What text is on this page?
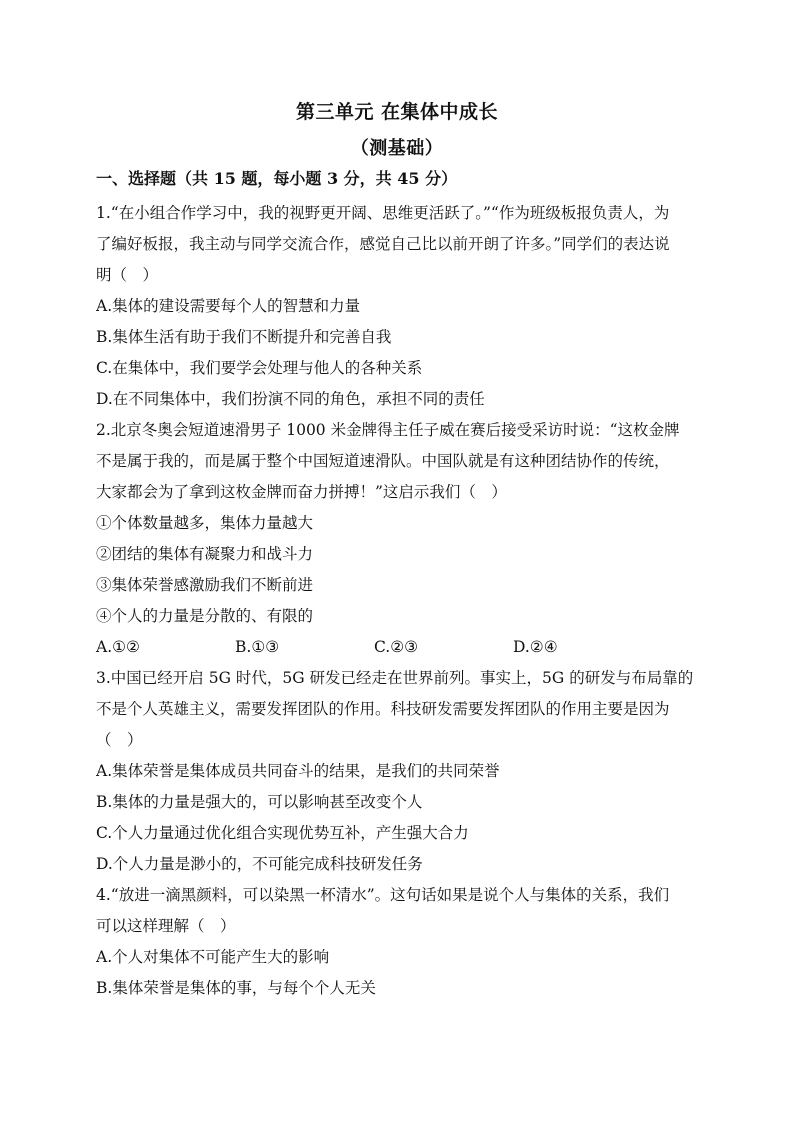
第三单元 在集体中成长
（测基础）
一、选择题（共 15 题，每小题 3 分，共 45 分）
1.“在小组合作学习中，我的视野更开阔、思维更活跃了。”“作为班级板报负责人，为
了编好板报，我主动与同学交流合作，感觉自己比以前开朗了许多。”同学们的表达说
明（　）
A.集体的建设需要每个人的智慧和力量
B.集体生活有助于我们不断提升和完善自我
C.在集体中，我们要学会处理与他人的各种关系
D.在不同集体中，我们扮演不同的角色，承担不同的责任
2.北京冬奥会短道速滑男子 1000 米金牌得主任子威在赛后接受采访时说：“这枚金牌
不是属于我的，而是属于整个中国短道速滑队。中国队就是有这种团结协作的传统，
大家都会为了拿到这枚金牌而奋力拼搏！”这启示我们（　）
①个体数量越多，集体力量越大
②团结的集体有凝聚力和战斗力
③集体荣誉感激励我们不断前进
④个人的力量是分散的、有限的
A.①②	B.①③	C.②③	D.②④
3.中国已经开启 5G 时代，5G 研发已经走在世界前列。事实上，5G 的研发与布局靠的
不是个人英雄主义，需要发挥团队的作用。科技研发需要发挥团队的作用主要是因为
（　）
A.集体荣誉是集体成员共同奋斗的结果，是我们的共同荣誉
B.集体的力量是强大的，可以影响甚至改变个人
C.个人力量通过优化组合实现优势互补，产生强大合力
D.个人力量是渺小的，不可能完成科技研发任务
4.“放进一滴黑颜料，可以染黑一杯清水”。这句话如果是说个人与集体的关系，我们
可以这样理解（　）
A.个人对集体不可能产生大的影响
B.集体荣誉是集体的事，与每个个人无关
